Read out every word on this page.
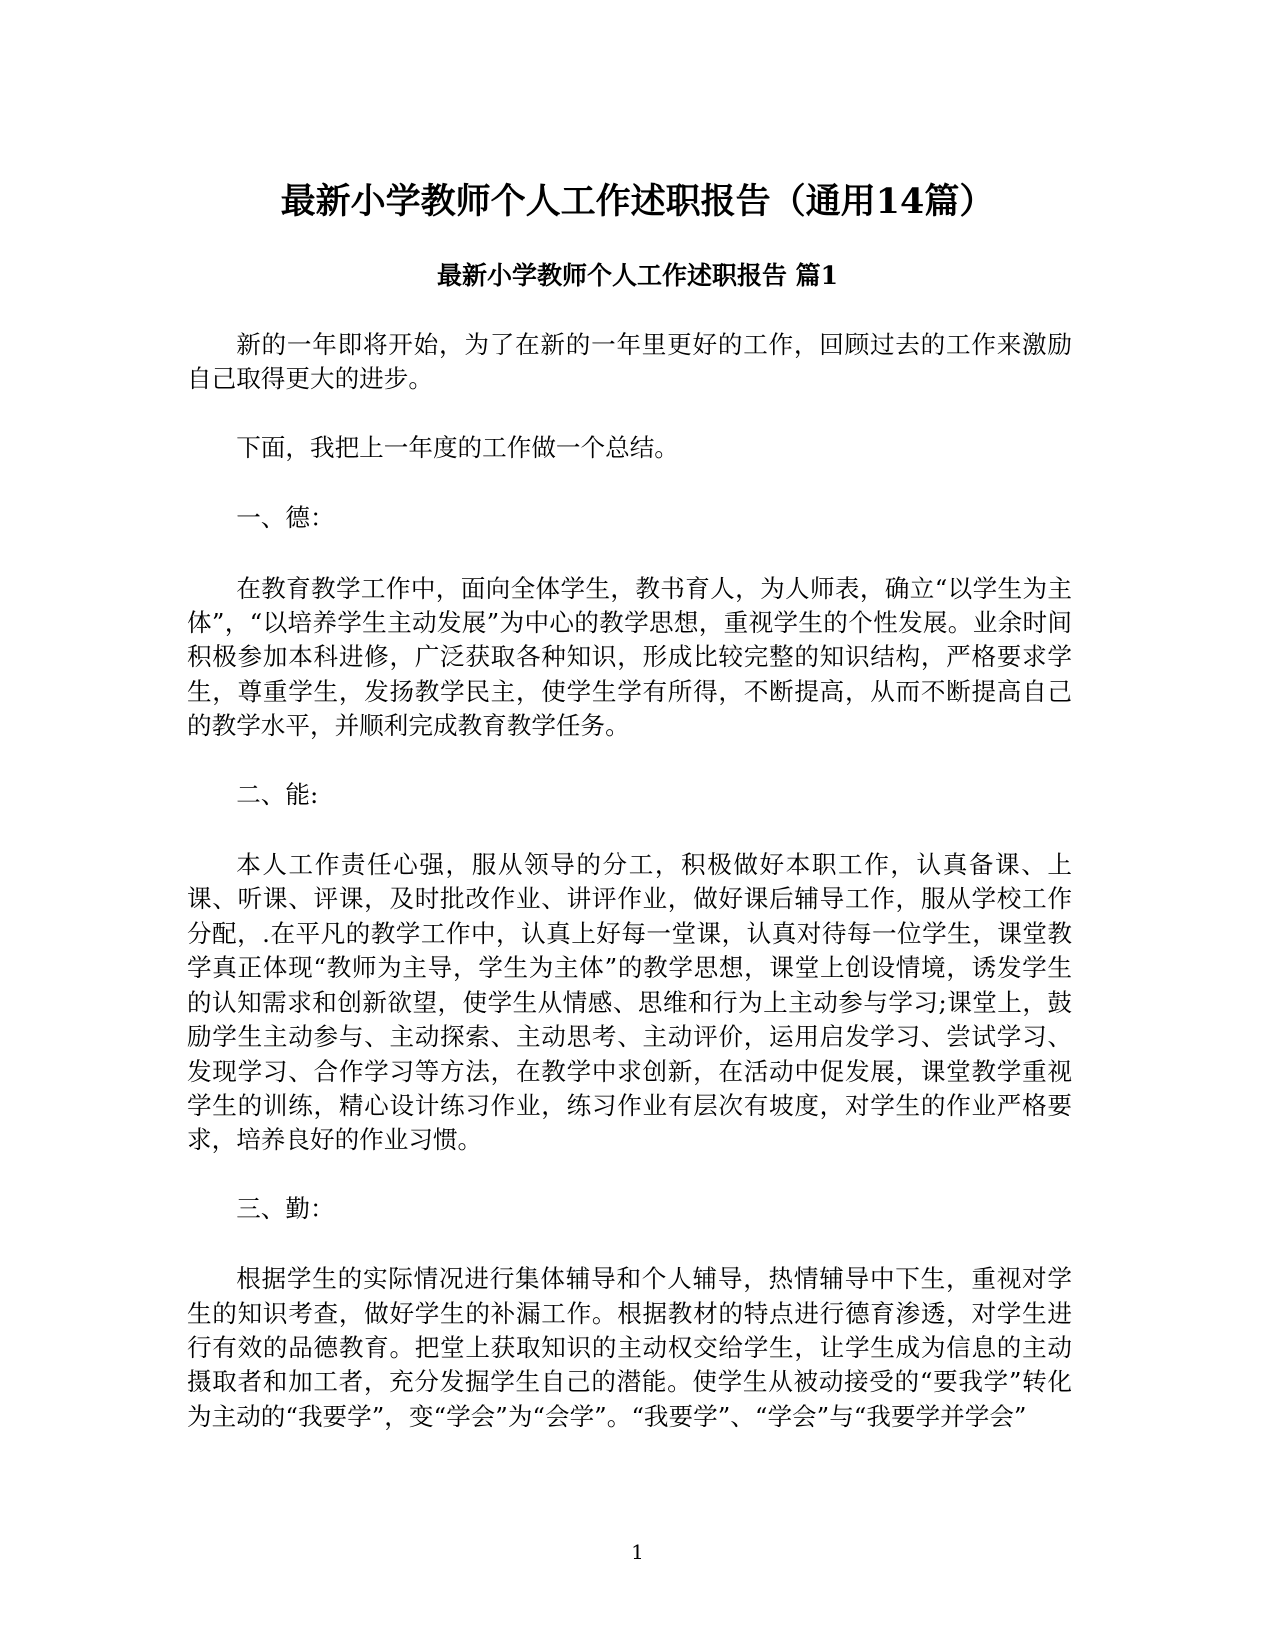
最新小学教师个人工作述职报告（通用14篇）
最新小学教师个人工作述职报告 篇1

新的一年即将开始，为了在新的一年里更好的工作，回顾过去的工作来激励自己取得更大的进步。

下面，我把上一年度的工作做一个总结。

一、德：

在教育教学工作中，面向全体学生，教书育人，为人师表，确立“以学生为主体”，“以培养学生主动发展”为中心的教学思想，重视学生的个性发展。业余时间积极参加本科进修，广泛获取各种知识，形成比较完整的知识结构，严格要求学生，尊重学生，发扬教学民主，使学生学有所得，不断提高，从而不断提高自己的教学水平，并顺利完成教育教学任务。

二、能:

本人工作责任心强，服从领导的分工，积极做好本职工作，认真备课、上课、听课、评课，及时批改作业、讲评作业，做好课后辅导工作，服从学校工作分配，.在平凡的教学工作中，认真上好每一堂课，认真对待每一位学生，课堂教学真正体现“教师为主导，学生为主体”的教学思想，课堂上创设情境，诱发学生的认知需求和创新欲望，使学生从情感、思维和行为上主动参与学习;课堂上，鼓励学生主动参与、主动探索、主动思考、主动评价，运用启发学习、尝试学习、发现学习、合作学习等方法，在教学中求创新，在活动中促发展，课堂教学重视学生的训练，精心设计练习作业，练习作业有层次有坡度，对学生的作业严格要求，培养良好的作业习惯。

三、勤：

根据学生的实际情况进行集体辅导和个人辅导，热情辅导中下生，重视对学生的知识考查，做好学生的补漏工作。根据教材的特点进行德育渗透，对学生进行有效的品德教育。把堂上获取知识的主动权交给学生，让学生成为信息的主动摄取者和加工者，充分发掘学生自己的潜能。使学生从被动接受的“要我学”转化为主动的“我要学”，变“学会”为“会学”。“我要学”、“学会”与“我要学并学会”

1
